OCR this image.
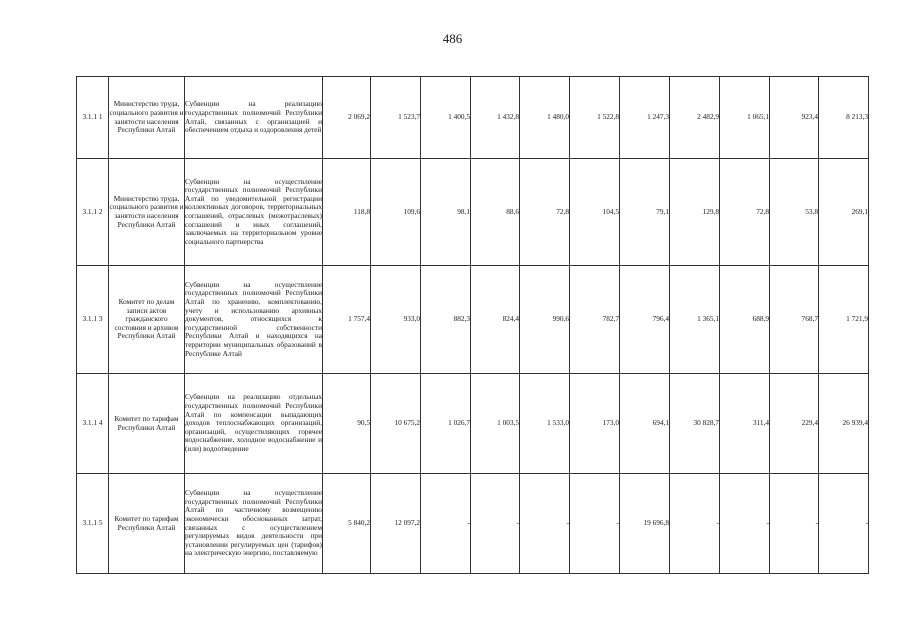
486
3.1.1 1	Министерство труда, социального развития и занятости населения Республики Алтай	Субвенции на реализацию государственных полномочий Республики Алтай, связанных с организацией и обеспечением отдыха и оздоровления детей	2 069,2	1 523,7	1 400,5	1 432,8	1 480,0	1 522,8	1 247,3	2 482,9	1 065,1	923,4	8 213,3
3.1.1 2	Министерство труда, социального развития и занятости населения Республики Алтай	Субвенции на осуществление государственных полномочий Республики Алтай по уведомительной регистрации коллективных договоров, территориальных соглашений, отраслевых (межотраслевых) соглашений и иных соглашений, заключаемых на территориальном уровне социального партнерства	118,8	109,6	98,1	88,6	72,8	104,5	79,1	129,8	72,8	53,8	269,1
3.1.1 3	Комитет по делам записи актов гражданского состояния и архивов Республики Алтай	Субвенции на осуществление государственных полномочий Республики Алтай по хранению, комплектованию, учету и использованию архивных документов, относящихся к государственной собственности Республики Алтай и находящихся на территории муниципальных образований в Республике Алтай	1 757,4	933,0	882,3	824,4	990,6	782,7	796,4	1 365,1	688,9	768,7	1 721,9
3.1.1 4	Комитет по тарифам Республики Алтай	Субвенции на реализацию отдельных государственных полномочий Республики Алтай по компенсации выпадающих доходов теплоснабжающих организаций, организаций, осуществляющих горячее водоснабжение, холодное водоснабжение и (или) водоотведение	90,5	10 675,2	1 026,7	1 003,5	1 533,0	173,0	694,1	30 828,7	311,4	229,4	26 939,4
3.1.1 5	Комитет по тарифам Республики Алтай	Субвенции на осуществление государственных полномочий Республики Алтай по частичному возмещению экономически обоснованных затрат, связанных с осуществлением регулируемых видов деятельности при установлении регулируемых цен (тарифов) на электрическую энергию, поставляемую	5 840,2	12 097,2	-	-	-	-	19 696,8	-	-	-	-
